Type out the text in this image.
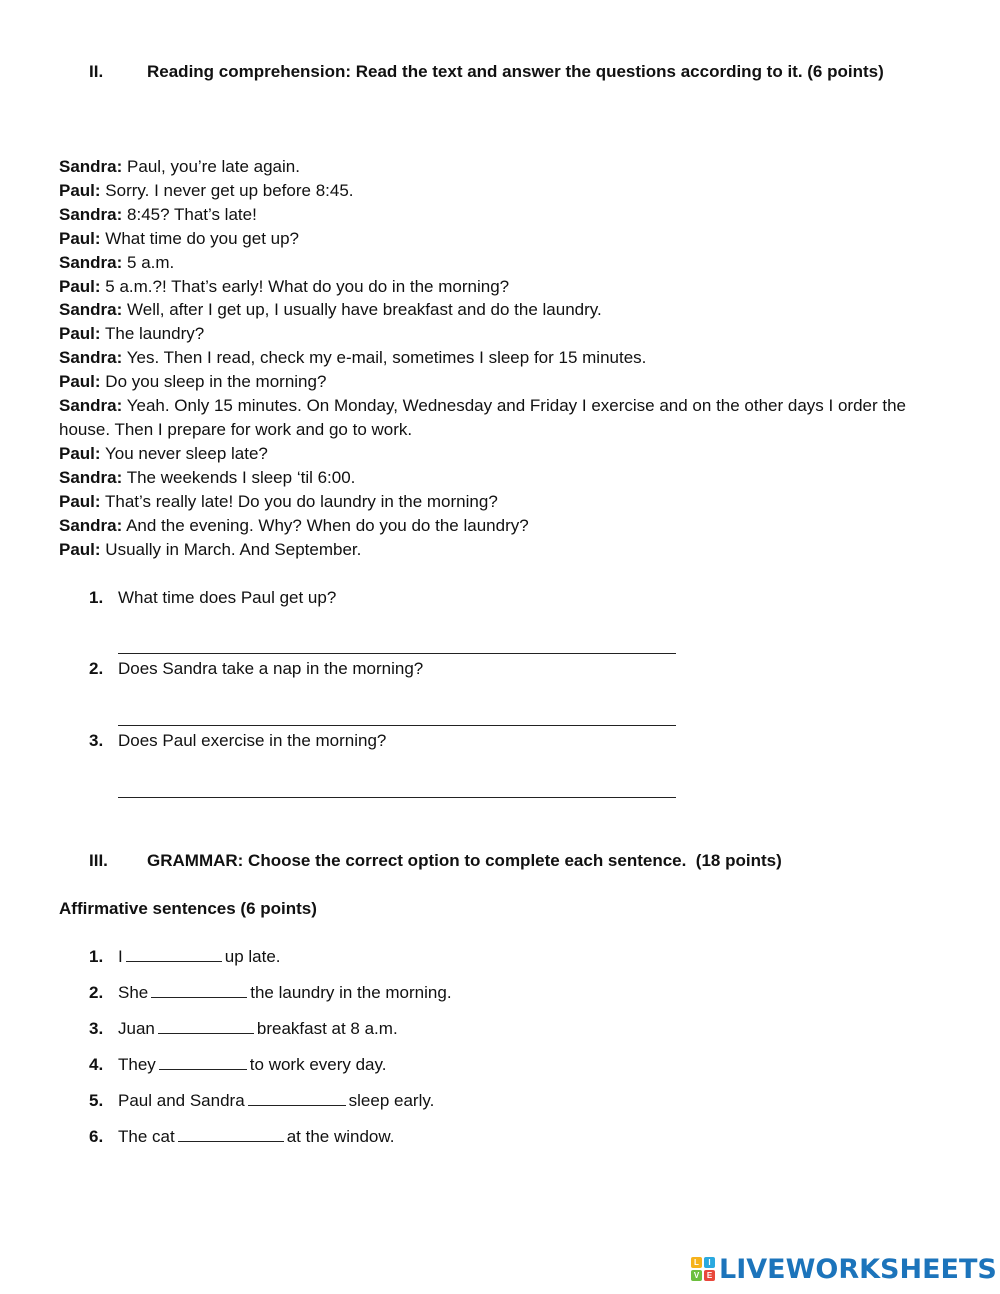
II.	Reading comprehension: Read the text and answer the questions according to it. (6 points)

Sandra: Paul, you’re late again.

Paul: Sorry. I never get up before 8:45.

Sandra: 8:45? That’s late!

Paul: What time do you get up?

Sandra: 5 a.m.

Paul: 5 a.m.?! That’s early! What do you do in the morning?

Sandra: Well, after I get up, I usually have breakfast and do the laundry.

Paul: The laundry?

Sandra: Yes. Then I read, check my e-mail, sometimes I sleep for 15 minutes.

Paul: Do you sleep in the morning?

Sandra: Yeah. Only 15 minutes. On Monday, Wednesday and Friday I exercise and on the other days I order the house. Then I prepare for work and go to work.

Paul: You never sleep late?

Sandra: The weekends I sleep ‘til 6:00.

Paul: That’s really late! Do you do laundry in the morning?

Sandra: And the evening. Why? When do you do the laundry?

Paul: Usually in March. And September.

1. What time does Paul get up?
2. Does Sandra take a nap in the morning?
3. Does Paul exercise in the morning?
III.	GRAMMAR: Choose the correct option to complete each sentence.  (18 points)
Affirmative sentences (6 points)
1. I	up late.
2. She	the laundry in the morning.
3. Juan	breakfast at 8 a.m.
4. They	to work every day.
5. Paul and Sandra	sleep early.
6. The cat	at the window.
L	I
V E LIVEWORKSHEETS
